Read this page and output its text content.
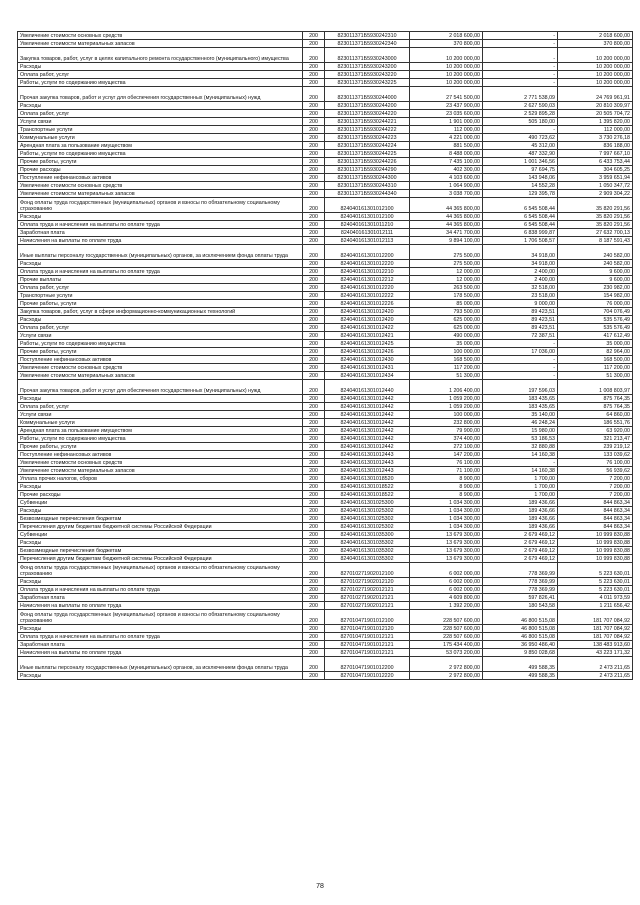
Увеличение стоимости основных средств	200	823011371Б5930242310	2 018 600,00	-	2 018 600,00
Увеличение стоимости материальных запасов	200	823011371Б5930242340	370 800,00	-	370 800,00
Закупка товаров, работ, услуг в целях капитального ремонта государственного (муниципального) имущества	200	823011371Б5930243000	10 200 000,00	-	10 200 000,00
Расходы	200	823011371Б5930243200	10 200 000,00	-	10 200 000,00
Оплата работ, услуг	200	823011371Б5930243220	10 200 000,00	-	10 200 000,00
Работы, услуги по содержанию имущества	200	823011371Б5930243225	10 200 000,00	-	10 200 000,00
Прочая закупка товаров, работ и услуг для обеспечения государственных (муниципальных) нужд	200	823011371Б5930244000	27 541 500,00	2 771 538,09	24 769 961,91
Расходы	200	823011371Б5930244200	23 437 900,00	2 627 590,03	20 810 309,97
Оплата работ, услуг	200	823011371Б5930244220	23 035 600,00	2 529 895,28	20 505 704,72
Услуги связи	200	823011371Б5930244221	1 901 000,00	505 180,00	1 395 820,00
Транспортные услуги	200	823011371Б5930244222	112 000,00	-	112 000,00
Коммунальные услуги	200	823011371Б5930244223	4 221 000,00	490 723,62	3 730 276,18
Арендная плата за пользование имуществом	200	823011371Б5930244224	881 500,00	45 312,00	836 188,00
Работы, услуги по содержанию имущества	200	823011371Б5930244225	8 488 000,00	487 332,90	7 997 667,10
Прочие работы, услуги	200	823011371Б5930244226	7 435 100,00	1 001 346,56	6 433 753,44
Прочие расходы	200	823011371Б5930244290	402 300,00	97 694,75	304 605,25
Поступление нефинансовых активов	200	823011371Б5930244300	4 103 600,00	143 948,06	3 959 651,94
Увеличение стоимости основных средств	200	823011371Б5930244310	1 064 900,00	14 552,28	1 050 347,72
Увеличение стоимости материальных запасов	200	823011371Б5930244340	3 038 700,00	129 395,78	2 909 304,22
Фонд оплаты труда государственных (муниципальных) органов и взносы по обязательному социальному страхованию	200	824040161301012100	44 365 800,00	6 545 508,44	35 820 291,56
Расходы	200	824040161301012100	44 365 800,00	6 545 508,44	35 820 291,56
Оплата труда и начисления на выплаты по оплате труда	200	824040161301011210	44 365 800,00	6 545 508,44	35 820 291,56
Заработная плата	200	824040161301012111	34 471 700,00	6 838 999,87	27 632 700,13
Начисления на выплаты по оплате труда	200	824040161301012113	9 894 100,00	1 706 508,57	8 187 591,43
Иные выплаты персоналу государственных (муниципальных) органов, за исключением фонда оплаты труда	200	824040161301012200	275 500,00	34 918,00	240 582,00
Расходы	200	824040161301012220	275 500,00	34 918,00	240 582,00
Оплата труда и начисления на выплаты по оплате труда	200	824040161301012210	12 000,00	2 400,00	9 600,00
Прочие выплаты	200	824040161301012212	12 000,00	2 400,00	9 600,00
Оплата работ, услуг	200	824040161301012220	263 500,00	32 518,00	230 982,00
Транспортные услуги	200	824040161301012222	178 500,00	23 518,00	154 982,00
Прочие работы, услуги	200	824040161301012226	85 000,00	9 000,00	76 000,00
Закупка товаров, работ, услуг в сфере информационно-коммуникационных технологий	200	824040161301012420	793 500,00	89 423,51	704 076,49
Расходы	200	824040161301012420	625 000,00	89 423,51	535 576,49
Оплата работ, услуг	200	824040161301012422	625 000,00	89 423,51	535 576,49
Услуги связи	200	824040161301012421	490 000,00	72 387,51	417 612,49
Работы, услуги по содержанию имущества	200	824040161301012425	35 000,00	-	35 000,00
Прочие работы, услуги	200	824040161301012426	100 000,00	17 036,00	82 964,00
Поступление нефинансовых активов	200	824040161301012430	168 500,00	-	168 500,00
Увеличение стоимости основных средств	200	824040161301012431	117 200,00	-	117 200,00
Увеличение стоимости материальных запасов	200	824040161301012434	51 300,00	-	51 300,00
Прочая закупка товаров, работ и услуг для обеспечения государственных (муниципальных) нужд	200	824040161301012440	1 206 400,00	197 596,03	1 008 803,97
Расходы	200	824040161301012442	1 059 200,00	183 435,65	875 764,35
Оплата работ, услуг	200	824040161301012442	1 059 200,00	183 435,65	875 764,35
Услуги связи	200	824040161301012442	100 000,00	35 140,00	64 860,00
Коммунальные услуги	200	824040161301012442	232 800,00	46 248,24	186 551,76
Арендная плата за пользование имуществом	200	824040161301012442	79 900,00	15 980,00	63 920,00
Работы, услуги по содержанию имущества	200	824040161301012442	374 400,00	53 186,53	321 213,47
Прочие работы, услуги	200	824040161301012442	272 100,00	32 880,88	239 219,12
Поступление нефинансовых активов	200	824040161301012443	147 200,00	14 160,38	133 039,62
Увеличение стоимости основных средств	200	824040161301012443	76 100,00	-	76 100,00
Увеличение стоимости материальных запасов	200	824040161301012443	71 100,00	14 160,38	56 939,62
Уплата прочих налогов, сборов	200	824040161301018520	8 900,00	1 700,00	7 200,00
Расходы	200	824040161301018522	8 900,00	1 700,00	7 200,00
Прочие расходы	200	824040161301018522	8 900,00	1 700,00	7 200,00
Субвенции	200	824040161301025300	1 034 300,00	189 436,66	844 863,34
Расходы	200	824040161301025302	1 034 300,00	189 436,66	844 863,34
Безвозмездные перечисления бюджетам	200	824040161301025302	1 034 300,00	189 436,66	844 863,34
Перечисления другим бюджетам бюджетной системы Российской Федерации	200	824040161301025302	1 034 300,00	189 436,66	844 863,34
Субвенции	200	824040161301035300	13 679 300,00	2 679 469,12	10 999 830,88
Расходы	200	824040161301035302	13 679 300,00	2 679 469,12	10 999 830,88
Безвозмездные перечисления бюджетам	200	824040161301035302	13 679 300,00	2 679 469,12	10 999 830,88
Перечисления другим бюджетам бюджетной системы Российской Федерации	200	824040161301035302	13 679 300,00	2 679 469,12	10 999 830,88
Фонд оплаты труда государственных (муниципальных) органов и взносы по обязательному социальному страхованию	200	827010271902012100	6 002 000,00	778 369,99	5 223 630,01
Расходы	200	827010271902012120	6 002 000,00	778 369,99	5 223 630,01
Оплата труда и начисления на выплаты по оплате труда	200	827010271902012121	6 002 000,00	778 369,99	5 223 630,01
Заработная плата	200	827010271902012121	4 609 800,00	597 826,41	4 011 973,59
Начисления на выплаты по оплате труда	200	827010271902012121	1 392 200,00	180 543,58	1 211 656,42
Фонд оплаты труда государственных (муниципальных) органов и взносы по обязательному социальному страхованию	200	827010471901012100	228 507 600,00	46 800 515,08	181 707 084,92
Расходы	200	827010471901012120	228 507 600,00	46 800 515,08	181 707 084,92
Оплата труда и начисления на выплаты по оплате труда	200	827010471901012121	228 507 600,00	46 800 515,08	181 707 084,92
Заработная плата	200	827010471901012121	175 434 400,00	36 950 486,40	138 483 913,60
Начисления на выплаты по оплате труда	200	827010471901012121	53 073 200,00	9 850 028,68	43 223 171,32
Иные выплаты персоналу государственных (муниципальных) органов, за исключением фонда оплаты труда	200	827010471901012200	2 972 800,00	499 588,35	2 473 211,65
Расходы	200	827010471901012220	2 972 800,00	499 588,35	2 473 211,65
78
